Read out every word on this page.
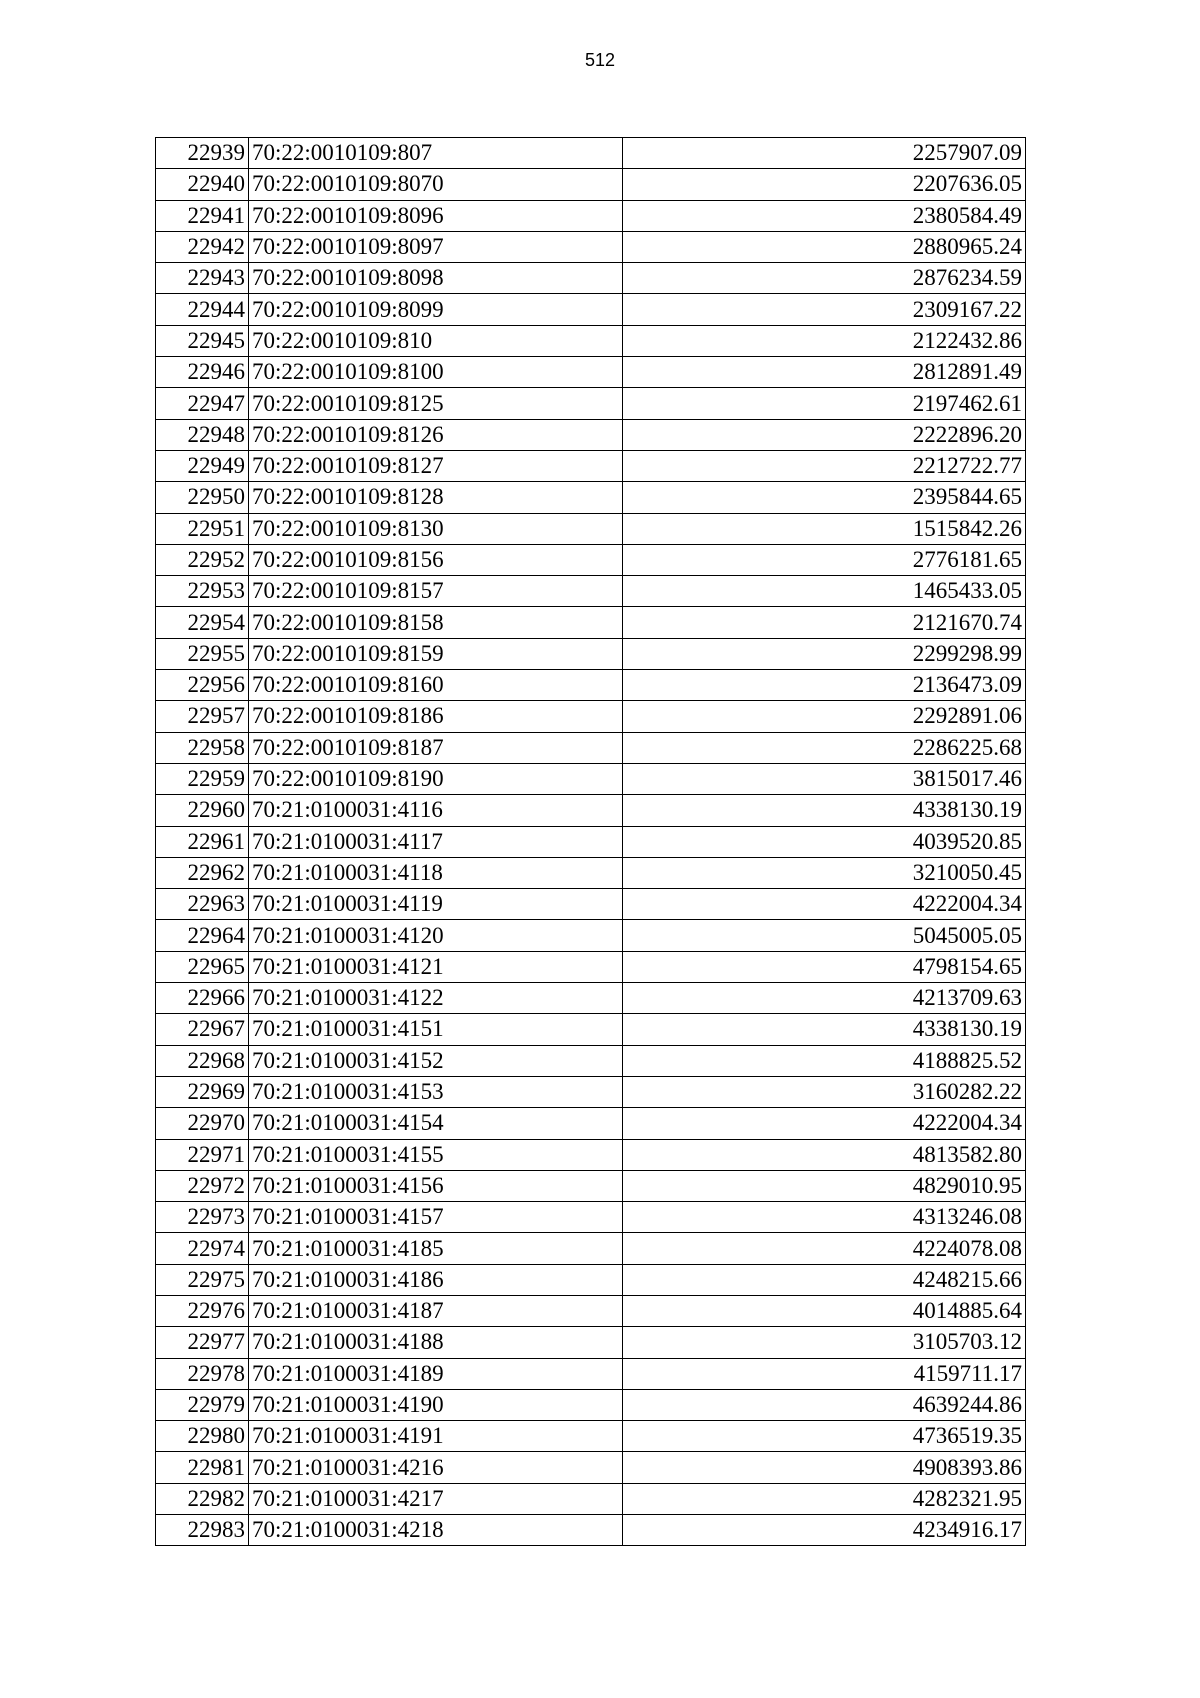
512
22939	70:22:0010109:807	2257907.09
22940	70:22:0010109:8070	2207636.05
22941	70:22:0010109:8096	2380584.49
22942	70:22:0010109:8097	2880965.24
22943	70:22:0010109:8098	2876234.59
22944	70:22:0010109:8099	2309167.22
22945	70:22:0010109:810	2122432.86
22946	70:22:0010109:8100	2812891.49
22947	70:22:0010109:8125	2197462.61
22948	70:22:0010109:8126	2222896.20
22949	70:22:0010109:8127	2212722.77
22950	70:22:0010109:8128	2395844.65
22951	70:22:0010109:8130	1515842.26
22952	70:22:0010109:8156	2776181.65
22953	70:22:0010109:8157	1465433.05
22954	70:22:0010109:8158	2121670.74
22955	70:22:0010109:8159	2299298.99
22956	70:22:0010109:8160	2136473.09
22957	70:22:0010109:8186	2292891.06
22958	70:22:0010109:8187	2286225.68
22959	70:22:0010109:8190	3815017.46
22960	70:21:0100031:4116	4338130.19
22961	70:21:0100031:4117	4039520.85
22962	70:21:0100031:4118	3210050.45
22963	70:21:0100031:4119	4222004.34
22964	70:21:0100031:4120	5045005.05
22965	70:21:0100031:4121	4798154.65
22966	70:21:0100031:4122	4213709.63
22967	70:21:0100031:4151	4338130.19
22968	70:21:0100031:4152	4188825.52
22969	70:21:0100031:4153	3160282.22
22970	70:21:0100031:4154	4222004.34
22971	70:21:0100031:4155	4813582.80
22972	70:21:0100031:4156	4829010.95
22973	70:21:0100031:4157	4313246.08
22974	70:21:0100031:4185	4224078.08
22975	70:21:0100031:4186	4248215.66
22976	70:21:0100031:4187	4014885.64
22977	70:21:0100031:4188	3105703.12
22978	70:21:0100031:4189	4159711.17
22979	70:21:0100031:4190	4639244.86
22980	70:21:0100031:4191	4736519.35
22981	70:21:0100031:4216	4908393.86
22982	70:21:0100031:4217	4282321.95
22983	70:21:0100031:4218	4234916.17
